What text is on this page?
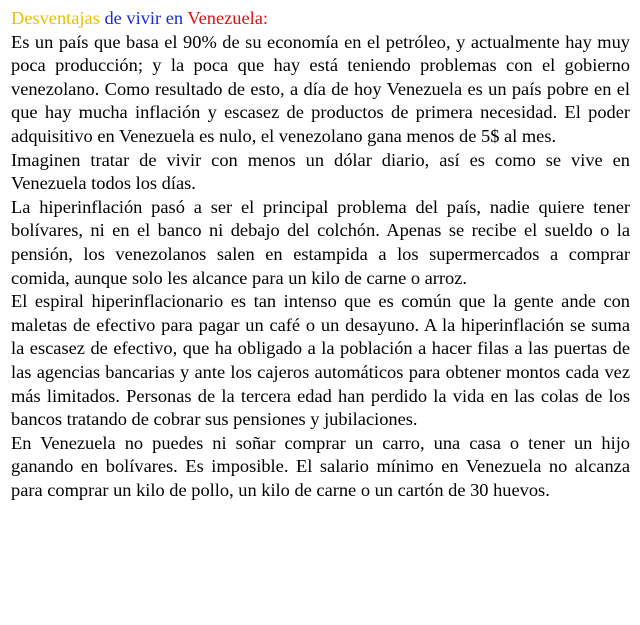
Desventajas de vivir en Venezuela:

Es un país que basa el 90% de su economía en el petróleo, y actualmente hay muy poca producción; y la poca que hay está teniendo problemas con el gobierno venezolano. Como resultado de esto, a día de hoy Venezuela es un país pobre en el que hay mucha inflación y escasez de productos de primera necesidad. El poder adquisitivo en Venezuela es nulo, el venezolano gana menos de 5$ al mes.

Imaginen tratar de vivir con menos un dólar diario, así es como se vive en Venezuela todos los días.

La hiperinflación pasó a ser el principal problema del país, nadie quiere tener bolívares, ni en el banco ni debajo del colchón. Apenas se recibe el sueldo o la pensión, los venezolanos salen en estampida a los supermercados a comprar comida, aunque solo les alcance para un kilo de carne o arroz.

El espiral hiperinflacionario es tan intenso que es común que la gente ande con maletas de efectivo para pagar un café o un desayuno. A la hiperinflación se suma la escasez de efectivo, que ha obligado a la población a hacer filas a las puertas de las agencias bancarias y ante los cajeros automáticos para obtener montos cada vez más limitados. Personas de la tercera edad han perdido la vida en las colas de los bancos tratando de cobrar sus pensiones y jubilaciones.

En Venezuela no puedes ni soñar comprar un carro, una casa o tener un hijo ganando en bolívares. Es imposible. El salario mínimo en Venezuela no alcanza para comprar un kilo de pollo, un kilo de carne o un cartón de 30 huevos.
